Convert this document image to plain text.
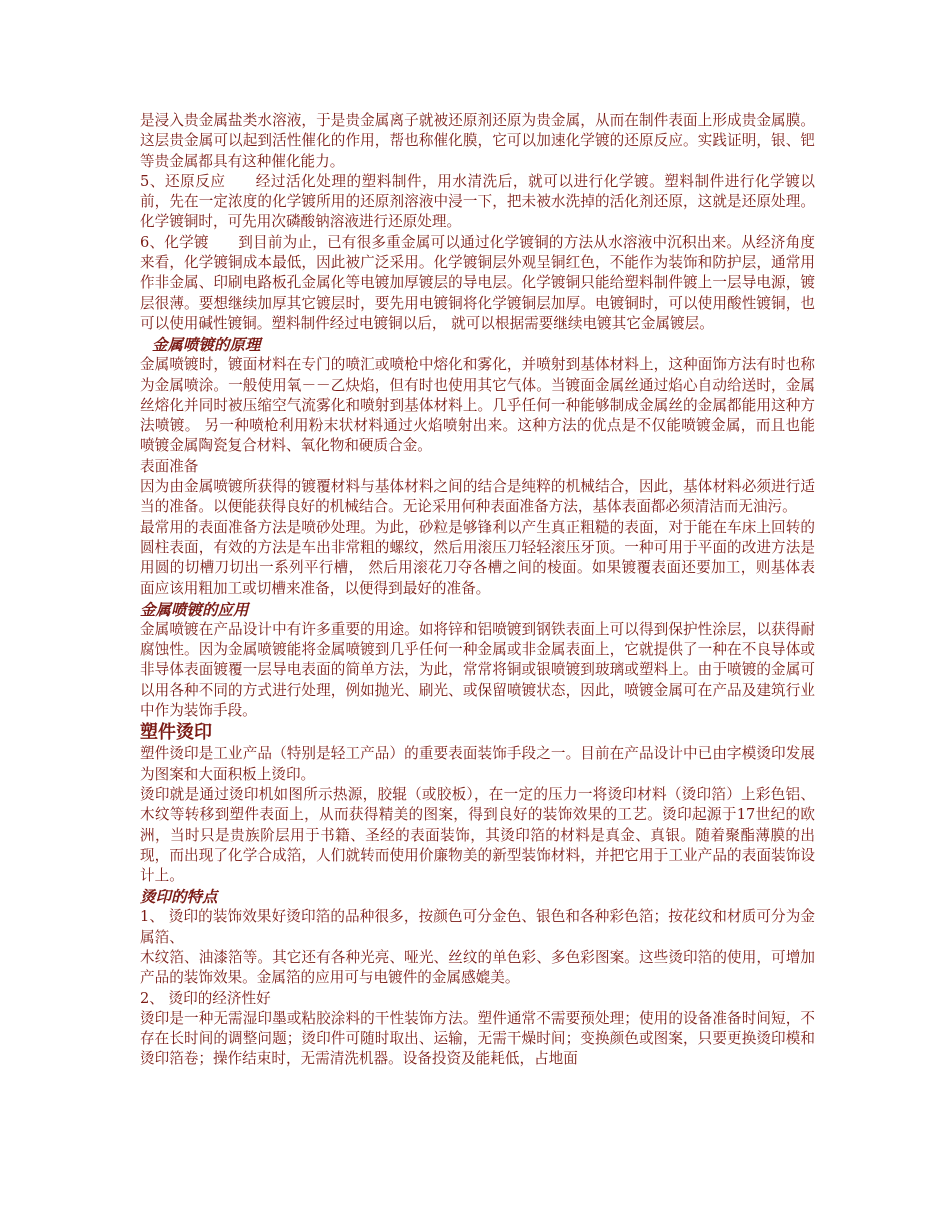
是浸入贵金属盐类水溶液，于是贵金属离子就被还原剂还原为贵金属，从而在制件表面上形成贵金属膜。这层贵金属可以起到活性催化的作用，帮也称催化膜，它可以加速化学镀的还原反应。实践证明，银、钯等贵金属都具有这种催化能力。

5、还原反应　　经过活化处理的塑料制件，用水清洗后，就可以进行化学镀。塑料制件进行化学镀以前，先在一定浓度的化学镀所用的还原剂溶液中浸一下，把未被水洗掉的活化剂还原，这就是还原处理。化学镀铜时，可先用次磷酸钠溶液进行还原处理。

6、化学镀　　到目前为止，已有很多重金属可以通过化学镀铜的方法从水溶液中沉积出来。从经济角度来看，化学镀铜成本最低，因此被广泛采用。化学镀铜层外观呈铜红色，不能作为装饰和防护层，通常用作非金属、印刷电路板孔金属化等电镀加厚镀层的导电层。化学镀铜只能给塑料制件镀上一层导电源，镀层很薄。要想继续加厚其它镀层时，要先用电镀铜将化学镀铜层加厚。电镀铜时，可以使用酸性镀铜，也可以使用碱性镀铜。塑料制件经过电镀铜以后， 就可以根据需要继续电镀其它金属镀层。

金属喷镀的原理

金属喷镀时，镀面材料在专门的喷汇或喷枪中熔化和雾化，并喷射到基体材料上，这种面饰方法有时也称为金属喷涂。一般使用氧－－乙炔焰，但有时也使用其它气体。当镀面金属丝通过焰心自动给送时，金属丝熔化并同时被压缩空气流雾化和喷射到基体材料上。几乎任何一种能够制成金属丝的金属都能用这种方法喷镀。 另一种喷枪利用粉末状材料通过火焰喷射出来。这种方法的优点是不仅能喷镀金属，而且也能喷镀金属陶瓷复合材料、氧化物和硬质合金。

表面准备

因为由金属喷镀所获得的镀覆材料与基体材料之间的结合是纯粹的机械结合，因此，基体材料必须进行适当的准备。以便能获得良好的机械结合。无论采用何种表面准备方法，基体表面都必须清洁而无油污。

最常用的表面准备方法是喷砂处理。为此，砂粒是够锋利以产生真正粗糙的表面，对于能在车床上回转的圆柱表面，有效的方法是车出非常粗的螺纹，然后用滚压刀轻轻滚压牙顶。一种可用于平面的改进方法是用圆的切槽刀切出一系列平行槽， 然后用滚花刀夺各槽之间的棱面。如果镀覆表面还要加工，则基体表面应该用粗加工或切槽来准备，以便得到最好的准备。

金属喷镀的应用

金属喷镀在产品设计中有许多重要的用途。如将锌和铝喷镀到钢铁表面上可以得到保护性涂层，以获得耐腐蚀性。因为金属喷镀能将金属喷镀到几乎任何一种金属或非金属表面上，它就提供了一种在不良导体或非导体表面镀覆一层导电表面的简单方法，为此，常常将铜或银喷镀到玻璃或塑料上。由于喷镀的金属可以用各种不同的方式进行处理，例如抛光、刷光、或保留喷镀状态，因此，喷镀金属可在产品及建筑行业中作为装饰手段。

塑件烫印

塑件烫印是工业产品（特别是轻工产品）的重要表面装饰手段之一。目前在产品设计中已由字模烫印发展为图案和大面积板上烫印。

烫印就是通过烫印机如图所示热源，胶辊（或胶板），在一定的压力一将烫印材料（烫印箔）上彩色铝、木纹等转移到塑件表面上，从而获得精美的图案，得到良好的装饰效果的工艺。烫印起源于17世纪的欧洲，当时只是贵族阶层用于书籍、圣经的表面装饰，其烫印箔的材料是真金、真银。随着聚酯薄膜的出现，而出现了化学合成箔，人们就转而使用价廉物美的新型装饰材料，并把它用于工业产品的表面装饰设计上。

烫印的特点

1、 烫印的装饰效果好烫印箔的品种很多，按颜色可分金色、银色和各种彩色箔；按花纹和材质可分为金属箔、

木纹箔、油漆箔等。其它还有各种光亮、哑光、丝纹的单色彩、多色彩图案。这些烫印箔的使用，可增加产品的装饰效果。金属箔的应用可与电镀件的金属感媲美。

2、 烫印的经济性好

烫印是一种无需湿印墨或粘胶涂料的干性装饰方法。塑件通常不需要预处理；使用的设备准备时间短，不存在长时间的调整问题；烫印件可随时取出、运输，无需干燥时间；变换颜色或图案，只要更换烫印模和烫印箔卷；操作结束时，无需清洗机器。设备投资及能耗低，占地面
